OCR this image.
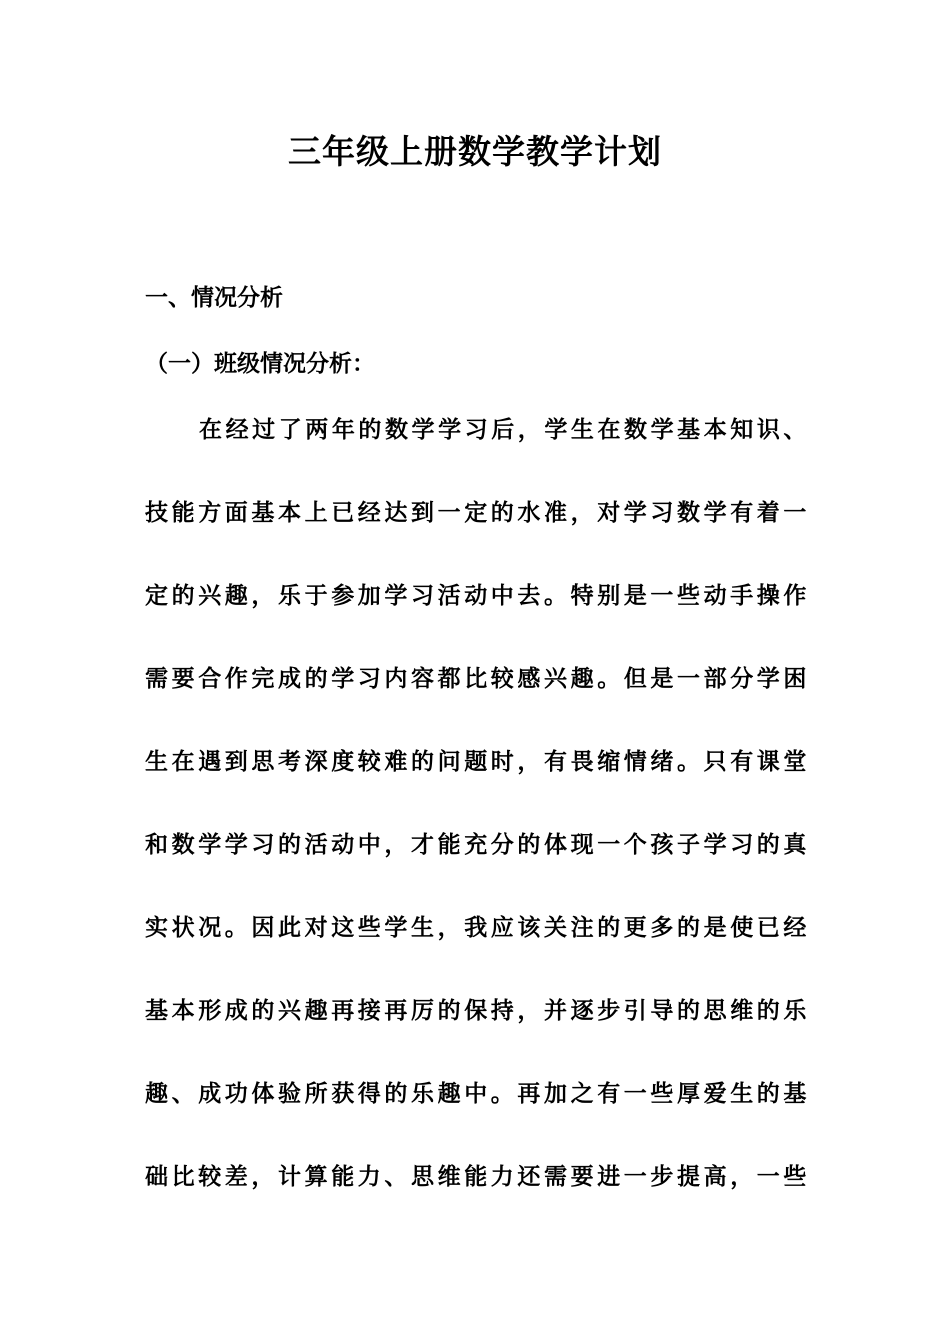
三年级上册数学教学计划
一、情况分析
（一）班级情况分析：
在经过了两年的数学学习后，学生在数学基本知识、
技能方面基本上已经达到一定的水准，对学习数学有着一
定的兴趣，乐于参加学习活动中去。特别是一些动手操作
需要合作完成的学习内容都比较感兴趣。但是一部分学困
生在遇到思考深度较难的问题时，有畏缩情绪。只有课堂
和数学学习的活动中，才能充分的体现一个孩子学习的真
实状况。因此对这些学生，我应该关注的更多的是使已经
基本形成的兴趣再接再厉的保持，并逐步引导的思维的乐
趣、成功体验所获得的乐趣中。再加之有一些厚爱生的基
础比较差，计算能力、思维能力还需要进一步提高，一些
